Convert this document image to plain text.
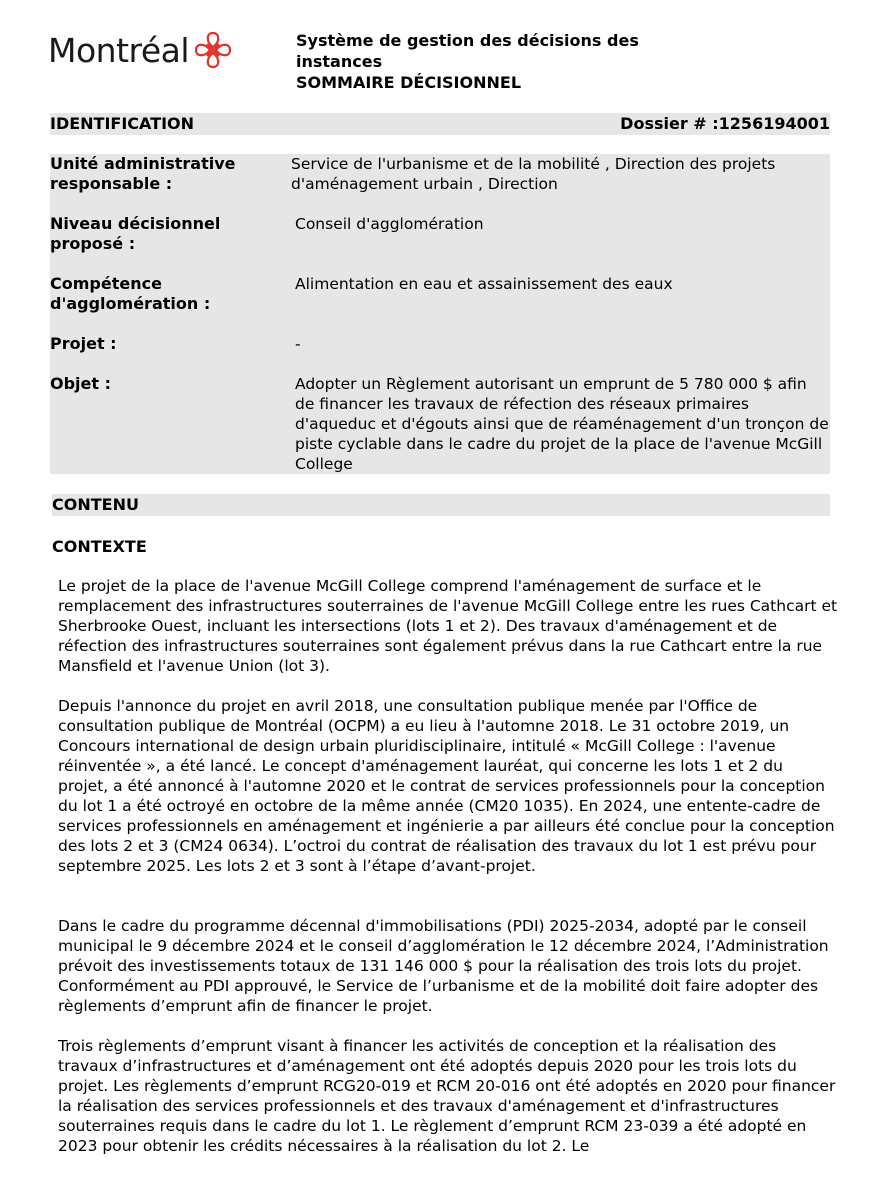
Montréal	Système de gestion des décisions des instances
SOMMAIRE DÉCISIONNEL
IDENTIFICATION	Dossier # :1256194001
Unité administrative responsable :
Service de l'urbanisme et de la mobilité , Direction des projets d'aménagement urbain , Direction
Niveau décisionnel proposé :
Conseil d'agglomération
Compétence d'agglomération :
Alimentation en eau et assainissement des eaux
Projet :	-
Objet :	Adopter un Règlement autorisant un emprunt de 5 780 000 $ afin de financer les travaux de réfection des réseaux primaires d'aqueduc et d'égouts ainsi que de réaménagement d'un tronçon de piste cyclable dans le cadre du projet de la place de l'avenue McGill College
CONTENU
CONTEXTE
Le projet de la place de l'avenue McGill College comprend l'aménagement de surface et le remplacement des infrastructures souterraines de l'avenue McGill College entre les rues Cathcart et Sherbrooke Ouest, incluant les intersections (lots 1 et 2). Des travaux d'aménagement et de réfection des infrastructures souterraines sont également prévus dans la rue Cathcart entre la rue Mansfield et l'avenue Union (lot 3).
Depuis l'annonce du projet en avril 2018, une consultation publique menée par l'Office de consultation publique de Montréal (OCPM) a eu lieu à l'automne 2018. Le 31 octobre 2019, un Concours international de design urbain pluridisciplinaire, intitulé « McGill College : l'avenue réinventée », a été lancé. Le concept d'aménagement lauréat, qui concerne les lots 1 et 2 du projet, a été annoncé à l'automne 2020 et le contrat de services professionnels pour la conception du lot 1 a été octroyé en octobre de la même année (CM20 1035). En 2024, une entente-cadre de services professionnels en aménagement et ingénierie a par ailleurs été conclue pour la conception des lots 2 et 3 (CM24 0634). L’octroi du contrat de réalisation des travaux du lot 1 est prévu pour septembre 2025. Les lots 2 et 3 sont à l’étape d’avant-projet.
Dans le cadre du programme décennal d'immobilisations (PDI) 2025-2034, adopté par le conseil municipal le 9 décembre 2024 et le conseil d’agglomération le 12 décembre 2024, l’Administration prévoit des investissements totaux de 131 146 000 $ pour la réalisation des trois lots du projet. Conformément au PDI approuvé, le Service de l’urbanisme et de la mobilité doit faire adopter des règlements d’emprunt afin de financer le projet.
Trois règlements d’emprunt visant à financer les activités de conception et la réalisation des travaux d’infrastructures et d’aménagement ont été adoptés depuis 2020 pour les trois lots du projet. Les règlements d’emprunt RCG20-019 et RCM 20-016 ont été adoptés en 2020 pour financer la réalisation des services professionnels et des travaux d'aménagement et d'infrastructures souterraines requis dans le cadre du lot 1. Le règlement d’emprunt RCM 23-039 a été adopté en 2023 pour obtenir les crédits nécessaires à la réalisation du lot 2. Le
